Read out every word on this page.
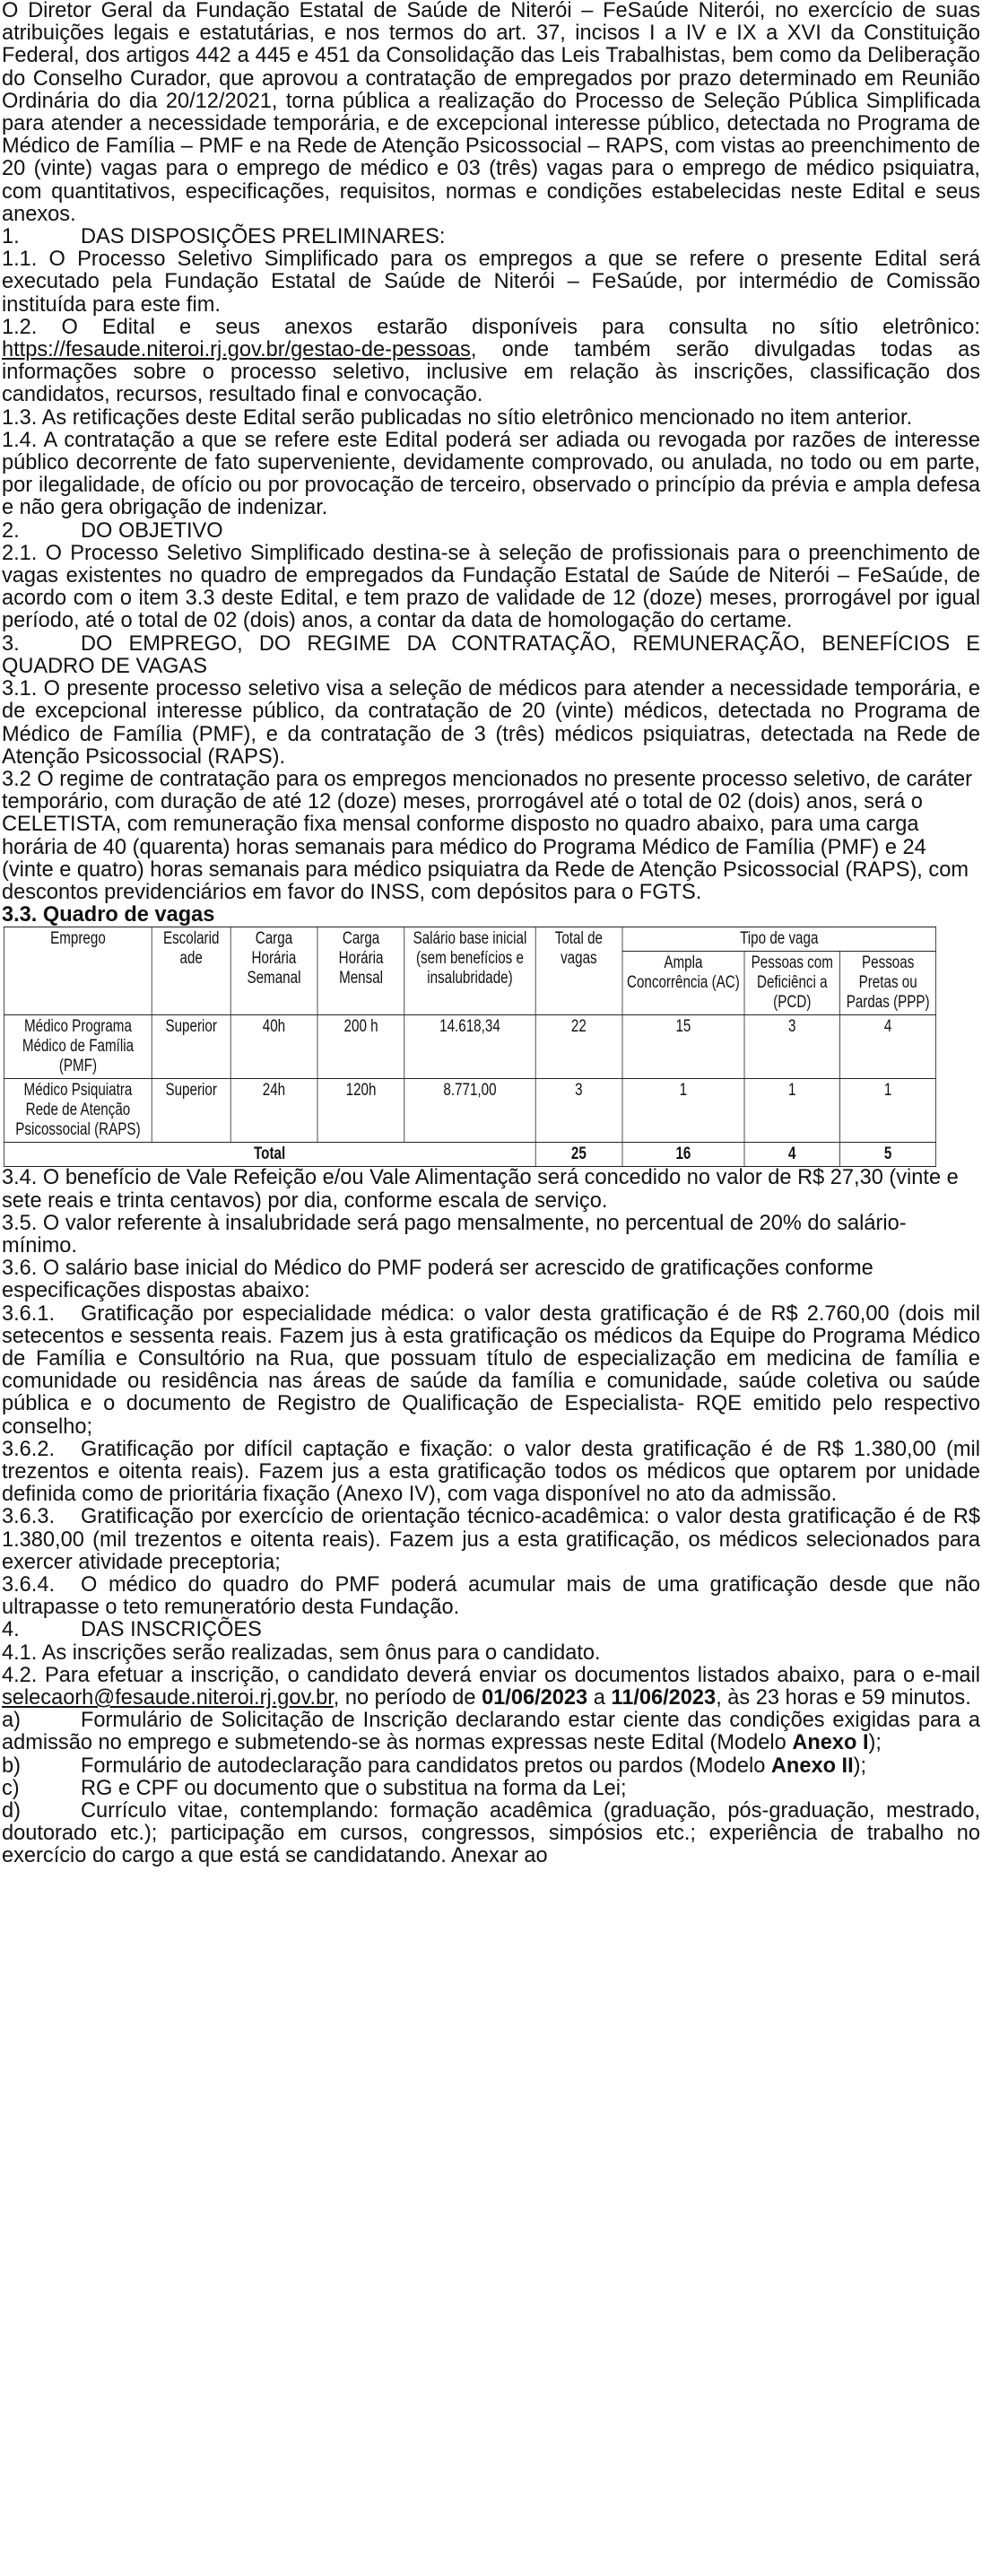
O Diretor Geral da Fundação Estatal de Saúde de Niterói – FeSaúde Niterói, no exercício de suas atribuições legais e estatutárias, e nos termos do art. 37, incisos I a IV e IX a XVI da Constituição Federal, dos artigos 442 a 445 e 451 da Consolidação das Leis Trabalhistas, bem como da Deliberação do Conselho Curador, que aprovou a contratação de empregados por prazo determinado em Reunião Ordinária do dia 20/12/2021, torna pública a realização do Processo de Seleção Pública Simplificada para atender a necessidade temporária, e de excepcional interesse público, detectada no Programa de Médico de Família – PMF e na Rede de Atenção Psicossocial – RAPS, com vistas ao preenchimento de 20 (vinte) vagas para o emprego de médico e 03 (três) vagas para o emprego de médico psiquiatra, com quantitativos, especificações, requisitos, normas e condições estabelecidas neste Edital e seus anexos.

1.	DAS DISPOSIÇÕES PRELIMINARES:

1.1. O Processo Seletivo Simplificado para os empregos a que se refere o presente Edital será executado pela Fundação Estatal de Saúde de Niterói – FeSaúde, por intermédio de Comissão instituída para este fim.

1.2. O Edital e seus anexos estarão disponíveis para consulta no sítio eletrônico: https://fesaude.niteroi.rj.gov.br/gestao-de-pessoas, onde também serão divulgadas todas as informações sobre o processo seletivo, inclusive em relação às inscrições, classificação dos candidatos, recursos, resultado final e convocação.

1.3. As retificações deste Edital serão publicadas no sítio eletrônico mencionado no item anterior.

1.4. A contratação a que se refere este Edital poderá ser adiada ou revogada por razões de interesse público decorrente de fato superveniente, devidamente comprovado, ou anulada, no todo ou em parte, por ilegalidade, de ofício ou por provocação de terceiro, observado o princípio da prévia e ampla defesa e não gera obrigação de indenizar.

2.	DO OBJETIVO

2.1. O Processo Seletivo Simplificado destina-se à seleção de profissionais para o preenchimento de vagas existentes no quadro de empregados da Fundação Estatal de Saúde de Niterói – FeSaúde, de acordo com o item 3.3 deste Edital, e tem prazo de validade de 12 (doze) meses, prorrogável por igual período, até o total de 02 (dois) anos, a contar da data de homologação do certame.

3.	DO EMPREGO, DO REGIME DA CONTRATAÇÃO, REMUNERAÇÃO, BENEFÍCIOS E QUADRO DE VAGAS

3.1. O presente processo seletivo visa a seleção de médicos para atender a necessidade temporária, e de excepcional interesse público, da contratação de 20 (vinte) médicos, detectada no Programa de Médico de Família (PMF), e da contratação de 3 (três) médicos psiquiatras, detectada na Rede de Atenção Psicossocial (RAPS).

3.2 O regime de contratação para os empregos mencionados no presente processo seletivo, de caráter temporário, com duração de até 12 (doze) meses, prorrogável até o total de 02 (dois) anos, será o CELETISTA, com remuneração fixa mensal conforme disposto no quadro abaixo, para uma carga horária de 40 (quarenta) horas semanais para médico do Programa Médico de Família (PMF) e 24 (vinte e quatro) horas semanais para médico psiquiatra da Rede de Atenção Psicossocial (RAPS), com descontos previdenciários em favor do INSS, com depósitos para o FGTS.

3.3. Quadro de vagas

Emprego	Escolarid ade	Carga Horária Semanal	Carga Horária Mensal	Salário base inicial (sem benefícios e insalubridade)	Total de vagas	Tipo de vaga		
						Ampla Concorrência (AC)	Pessoas com Deficiênci a (PCD)	Pessoas Pretas ou Pardas (PPP)
Médico Programa Médico de Família (PMF)	Superior	40h	200 h	14.618,34	22	15	3	4
Médico Psiquiatra Rede de Atenção Psicossocial (RAPS)	Superior	24h	120h	8.771,00	3	1	1	1
Total					25	16	4	5

3.4. O benefício de Vale Refeição e/ou Vale Alimentação será concedido no valor de R$ 27,30 (vinte e sete reais e trinta centavos) por dia, conforme escala de serviço.

3.5. O valor referente à insalubridade será pago mensalmente, no percentual de 20% do salário-mínimo.

3.6. O salário base inicial do Médico do PMF poderá ser acrescido de gratificações conforme especificações dispostas abaixo:

3.6.1. Gratificação por especialidade médica: o valor desta gratificação é de R$ 2.760,00 (dois mil setecentos e sessenta reais. Fazem jus à esta gratificação os médicos da Equipe do Programa Médico de Família e Consultório na Rua, que possuam título de especialização em medicina de família e comunidade ou residência nas áreas de saúde da família e comunidade, saúde coletiva ou saúde pública e o documento de Registro de Qualificação de Especialista- RQE emitido pelo respectivo conselho;

3.6.2. Gratificação por difícil captação e fixação: o valor desta gratificação é de R$ 1.380,00 (mil trezentos e oitenta reais). Fazem jus a esta gratificação todos os médicos que optarem por unidade definida como de prioritária fixação (Anexo IV), com vaga disponível no ato da admissão.

3.6.3. Gratificação por exercício de orientação técnico-acadêmica: o valor desta gratificação é de R$ 1.380,00 (mil trezentos e oitenta reais). Fazem jus a esta gratificação, os médicos selecionados para exercer atividade preceptoria;

3.6.4. O médico do quadro do PMF poderá acumular mais de uma gratificação desde que não ultrapasse o teto remuneratório desta Fundação.

4.	DAS INSCRIÇÕES

4.1. As inscrições serão realizadas, sem ônus para o candidato.

4.2. Para efetuar a inscrição, o candidato deverá enviar os documentos listados abaixo, para o e-mail selecaorh@fesaude.niteroi.rj.gov.br, no período de 01/06/2023 a 11/06/2023, às 23 horas e 59 minutos.

a)	Formulário de Solicitação de Inscrição declarando estar ciente das condições exigidas para a admissão no emprego e submetendo-se às normas expressas neste Edital (Modelo Anexo I);

b)	Formulário de autodeclaração para candidatos pretos ou pardos (Modelo Anexo II);

c)	RG e CPF ou documento que o substitua na forma da Lei;

d)	Currículo vitae, contemplando: formação acadêmica (graduação, pós-graduação, mestrado, doutorado etc.); participação em cursos, congressos, simpósios etc.; experiência de trabalho no exercício do cargo a que está se candidatando. Anexar ao
